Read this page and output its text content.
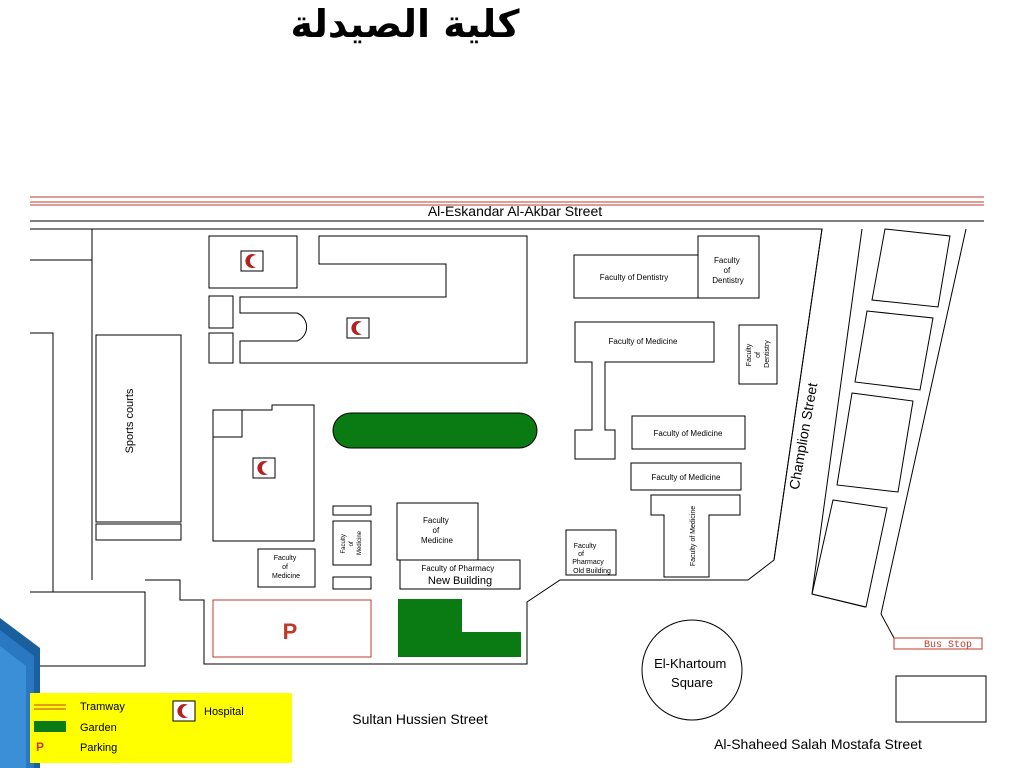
كلية الصيدلة
Al-Eskandar Al-Akbar Street
Sports courts
Faculty of Dentistry
Faculty of Dentistry
Faculty of Medicine
Faculty of Dentistry
Faculty of Medicine
Faculty of Medicine
Faculty of Medicine
Faculty of Medicine
Faculty of Medicine
Faculty of Medicine
Faculty of Pharmacy New Building
Faculty of Pharmacy Old Building
P
El-Khartoum Square
Champlion Street
Bus Stop
Sultan Hussien Street
Al-Shaheed Salah Mostafa Street
Tramway
Garden
P	Parking
Hospital
